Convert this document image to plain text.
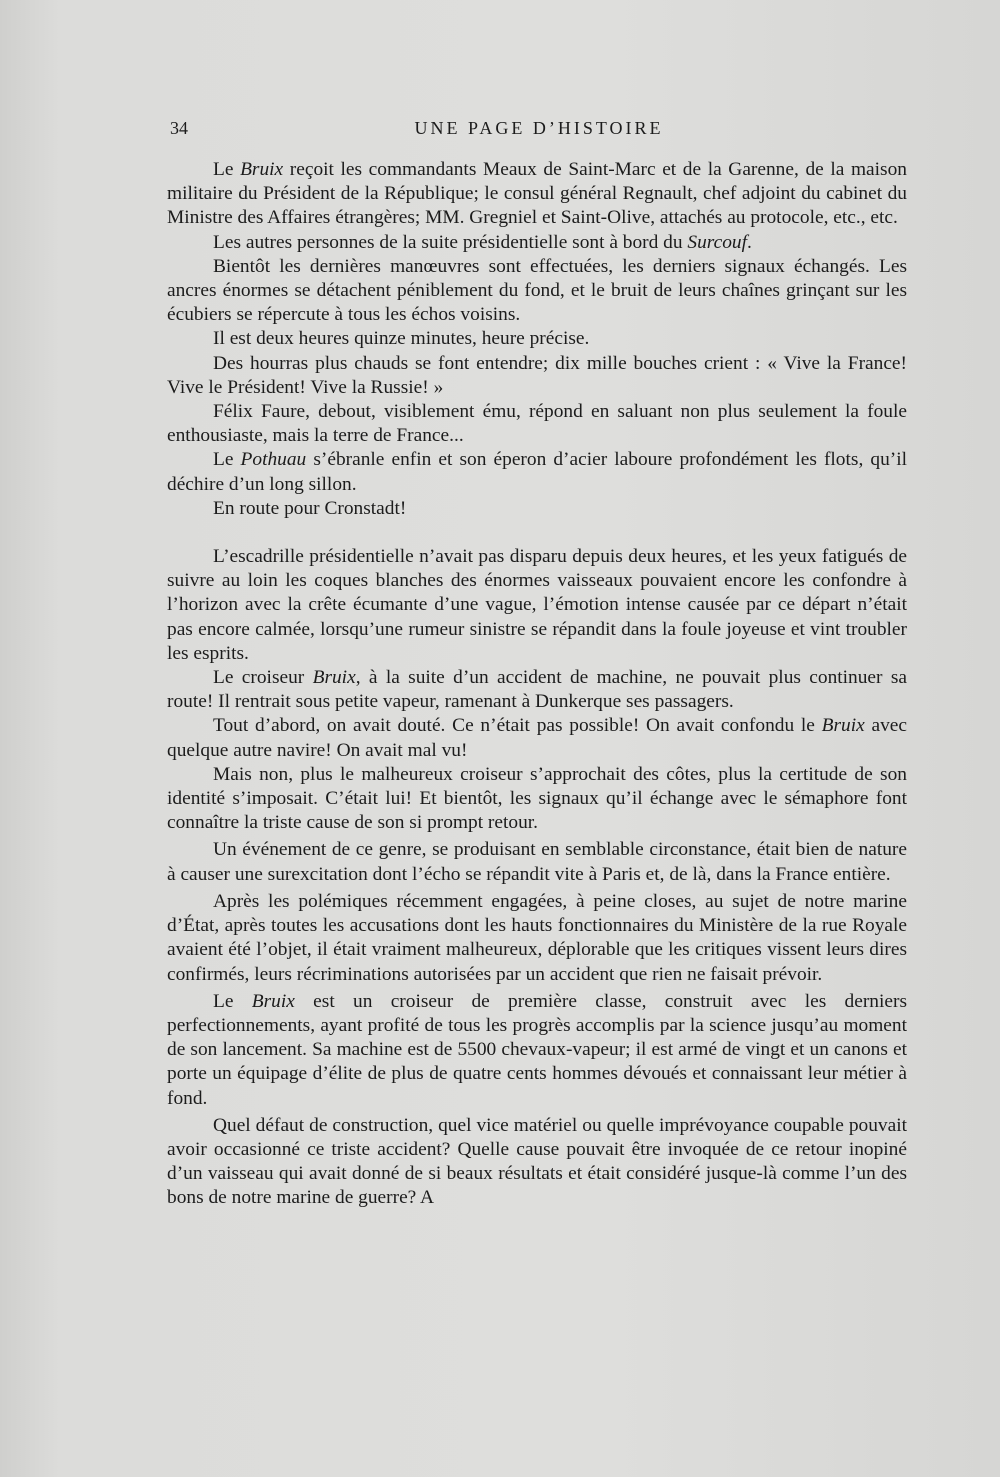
34	UNE PAGE D’HISTOIRE

Le Bruix reçoit les commandants Meaux de Saint-Marc et de la Garenne, de la maison militaire du Président de la République; le consul général Regnault, chef adjoint du cabinet du Ministre des Affaires étrangères; MM. Gregniel et Saint-Olive, attachés au protocole, etc., etc.

Les autres personnes de la suite présidentielle sont à bord du Surcouf.

Bientôt les dernières manœuvres sont effectuées, les derniers signaux échangés. Les ancres énormes se détachent péniblement du fond, et le bruit de leurs chaînes grinçant sur les écubiers se répercute à tous les échos voisins.

Il est deux heures quinze minutes, heure précise.

Des hourras plus chauds se font entendre; dix mille bouches crient : « Vive la France! Vive le Président! Vive la Russie! »

Félix Faure, debout, visiblement ému, répond en saluant non plus seulement la foule enthousiaste, mais la terre de France...

Le Pothuau s’ébranle enfin et son éperon d’acier laboure profondément les flots, qu’il déchire d’un long sillon.

En route pour Cronstadt!

L’escadrille présidentielle n’avait pas disparu depuis deux heures, et les yeux fatigués de suivre au loin les coques blanches des énormes vaisseaux pouvaient encore les confondre à l’horizon avec la crête écumante d’une vague, l’émotion intense causée par ce départ n’était pas encore calmée, lorsqu’une rumeur sinistre se répandit dans la foule joyeuse et vint troubler les esprits.

Le croiseur Bruix, à la suite d’un accident de machine, ne pouvait plus continuer sa route! Il rentrait sous petite vapeur, ramenant à Dunkerque ses passagers.

Tout d’abord, on avait douté. Ce n’était pas possible! On avait confondu le Bruix avec quelque autre navire! On avait mal vu!

Mais non, plus le malheureux croiseur s’approchait des côtes, plus la certitude de son identité s’imposait. C’était lui! Et bientôt, les signaux qu’il échange avec le sémaphore font connaître la triste cause de son si prompt retour.

Un événement de ce genre, se produisant en semblable circonstance, était bien de nature à causer une surexcitation dont l’écho se répandit vite à Paris et, de là, dans la France entière.

Après les polémiques récemment engagées, à peine closes, au sujet de notre marine d’État, après toutes les accusations dont les hauts fonctionnaires du Ministère de la rue Royale avaient été l’objet, il était vraiment malheureux, déplorable que les critiques vissent leurs dires confirmés, leurs récriminations autorisées par un accident que rien ne faisait prévoir.

Le Bruix est un croiseur de première classe, construit avec les derniers perfectionnements, ayant profité de tous les progrès accomplis par la science jusqu’au moment de son lancement. Sa machine est de 5500 chevaux-vapeur; il est armé de vingt et un canons et porte un équipage d’élite de plus de quatre cents hommes dévoués et connaissant leur métier à fond.

Quel défaut de construction, quel vice matériel ou quelle imprévoyance coupable pouvait avoir occasionné ce triste accident? Quelle cause pouvait être invoquée de ce retour inopiné d’un vaisseau qui avait donné de si beaux résultats et était considéré jusque-là comme l’un des bons de notre marine de guerre? A
